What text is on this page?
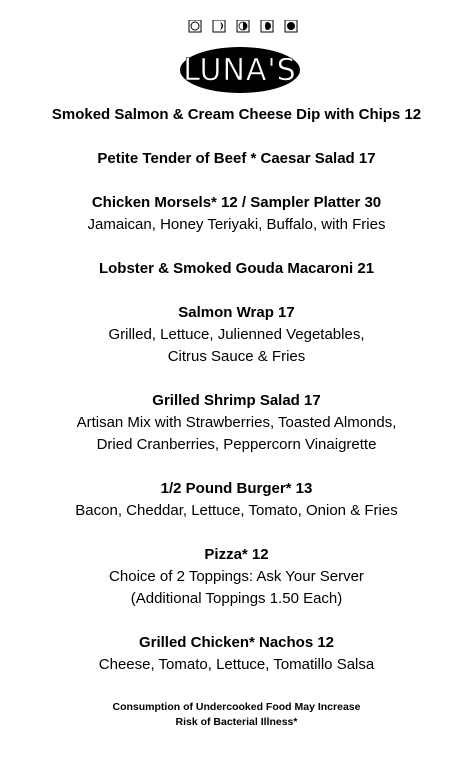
LUNA'S
Smoked Salmon & Cream Cheese Dip with Chips 12
Petite Tender of Beef * Caesar Salad 17
Chicken Morsels* 12 / Sampler Platter 30
Jamaican, Honey Teriyaki, Buffalo, with Fries
Lobster & Smoked Gouda Macaroni 21
Salmon Wrap 17
Grilled, Lettuce, Julienned Vegetables,
Citrus Sauce & Fries
Grilled Shrimp Salad 17
Artisan Mix with Strawberries, Toasted Almonds,
Dried Cranberries, Peppercorn Vinaigrette
1/2 Pound Burger* 13
Bacon, Cheddar, Lettuce, Tomato, Onion & Fries
Pizza* 12
Choice of 2 Toppings: Ask Your Server
(Additional Toppings 1.50 Each)
Grilled Chicken* Nachos 12
Cheese, Tomato, Lettuce, Tomatillo Salsa
Consumption of Undercooked Food May Increase
Risk of Bacterial Illness*
